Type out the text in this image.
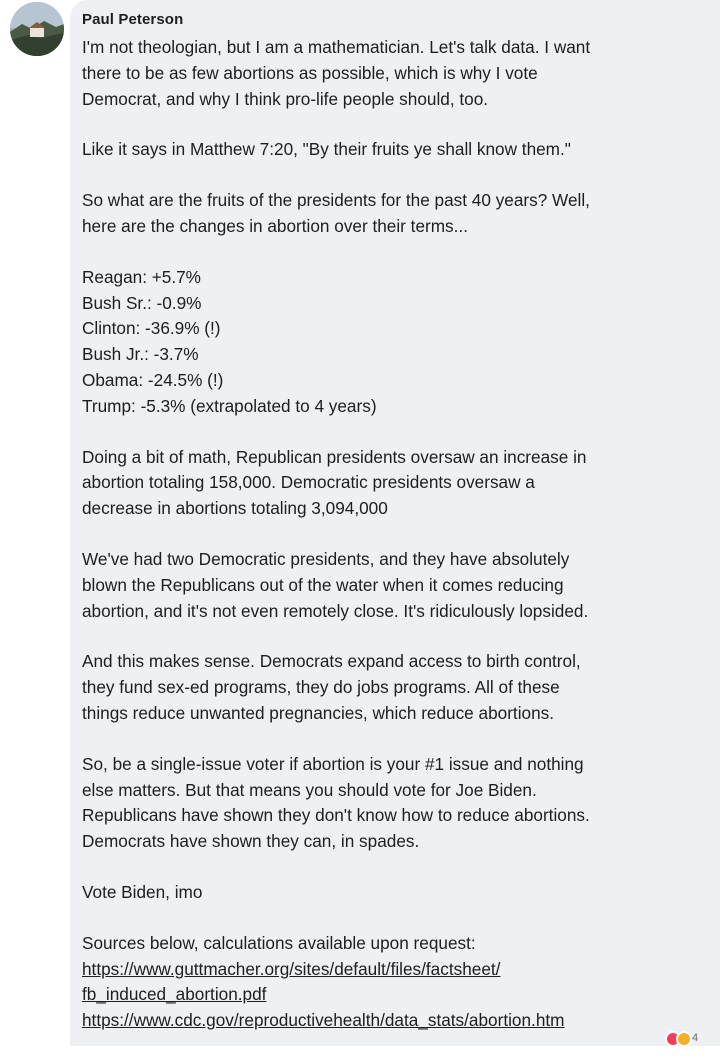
Paul Peterson
I'm not theologian, but I am a mathematician. Let's talk data. I want
there to be as few abortions as possible, which is why I vote
Democrat, and why I think pro-life people should, too.
Like it says in Matthew 7:20, "By their fruits ye shall know them."
So what are the fruits of the presidents for the past 40 years? Well,
here are the changes in abortion over their terms...
Reagan: +5.7%
Bush Sr.: -0.9%
Clinton: -36.9% (!)
Bush Jr.: -3.7%
Obama: -24.5% (!)
Trump: -5.3% (extrapolated to 4 years)
Doing a bit of math, Republican presidents oversaw an increase in
abortion totaling 158,000. Democratic presidents oversaw a
decrease in abortions totaling 3,094,000
We've had two Democratic presidents, and they have absolutely
blown the Republicans out of the water when it comes reducing
abortion, and it's not even remotely close. It's ridiculously lopsided.
And this makes sense. Democrats expand access to birth control,
they fund sex-ed programs, they do jobs programs. All of these
things reduce unwanted pregnancies, which reduce abortions.
So, be a single-issue voter if abortion is your #1 issue and nothing
else matters. But that means you should vote for Joe Biden.
Republicans have shown they don't know how to reduce abortions.
Democrats have shown they can, in spades.
Vote Biden, imo
Sources below, calculations available upon request:
https://www.guttmacher.org/sites/default/files/factsheet/
fb_induced_abortion.pdf
https://www.cdc.gov/reproductivehealth/data_stats/abortion.htm
4
